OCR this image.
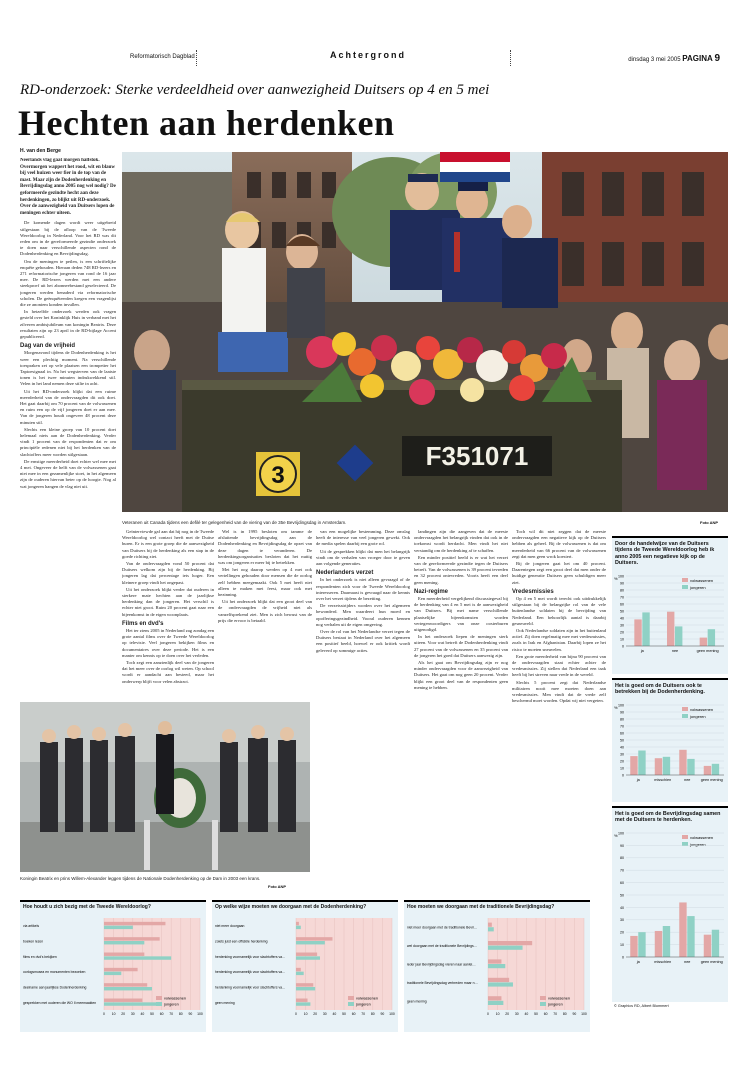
Reformatorisch Dagblad	Achtergrond	dinsdag 3 mei 2005 PAGINA 9
RD-onderzoek: Sterke verdeeldheid over aanwezigheid Duitsers op 4 en 5 mei
Hechten aan herdenken
H. van den Berge
Neerlands vlag gaat morgen halfstok. Overmorgen wappert het rood, wit en blauw bij veel huizen weer fier in de top van de mast. Maar zijn de Dodenherdenking en Bevrijdingsdag anno 2005 nog wel nodig? De geformeerde gezindte hecht aan deze herdenkingen, zo blijkt uit RD-onderzoek. Over de aanwezigheid van Duitsers lopen de meningen echter uiteen.

De komende dagen wordt weer uitgebreid stilgestaan bij de afloop van de Tweede Wereldoorlog in Nederland. Voor het RD was dit reden om in de gereformeerde gezindte onderzoek te doen naar verschillende aspecten rond de Dodenherdenking en Bevrijdingsdag.

Om de meningen te peilen, is een schriftelijke enquête gehouden. Hieraan deden 748 RD-lezers en 271 reformatorische jongeren van rond de 16 jaar mee. De RD-lezers werden met een andere steekproef uit het abonneebestand geselecteerd. De jongeren werden benaderd via reformatorische scholen. De geënquêteerden kregen een vragenlijst die ze anoniem konden invullen.

In hetzelfde onderzoek werden ook vragen gesteld over het Koninklijk Huis in verband met het zilveren ambtsjubileum van koningin Beatrix. Deze resultaten zijn op 23 april in de RD-bijlage Accent gepubliceerd.

Dag van de vrijheid

Morgenavond tijdens de Dodenherdenking is het weer een plechtig moment. Na verschillende toespraken zet op vele plaatsen een trompetter het Taptoesignaal in. Na het wegsterven van de laatste tonen is het twee minuten indrukwekkend stil. Velen in het land nemen deze stilte in acht.

Uit het RD-onderzoek blijkt dat een ruime meerderheid van de ondervraagden dit ook doet. Het gaat daarbij om 70 procent van de volwassenen en ruim een op de vijf jongeren doet er aan mee. Van de jongeren houdt ongeveer 48 procent deze minuten stil.

Slechts een kleine groep van 10 procent doet helemaal niets aan de Dodenherdenking. Verder vindt 1 procent van de respondenten dat er om principiële redenen niet bij het herdenken van de slachtoffers meer worden stilgestaan.

De ernstige meerderheid doet echter wel mee met 4 mei. Ongeveer de helft van de volwassenen gaat niet mee in een gezamenlijke stoet, in het algemeen zijn de ouderen hiervan beter op de hoogte. Nog al wat jongeren hangen de vlag niet uit.

F351071
3
Veteranen uit Canada tijdens een defilé ter gelegenheid van de viering van de 35e Bevrijdingsdag in Amsterdam.	Foto ANP

Geïnterviewde gaf aan dat hij nog in de Tweede Wereldoorlog wel contact heeft met de Duitse buren. Er is een grote groep die de aanwezigheid van Duitsers bij de herdenking als een stap in de goede richting ziet.

Van de ondervraagden vond 50 procent dat Duitsers welkom zijn bij de herdenking. Bij jongeren lag dat percentage iets hoger. Een kleinere groep vindt het ongepast.

Uit het onderzoek blijkt verder dat ouderen in sterkere mate hechten aan de jaarlijkse herdenking dan de jongeren. Het verschil is echter niet groot. Ruim 20 procent gaat naar een bijeenkomst in de eigen woonplaats.

Films en dvd's

Het ter ziens 2005 in Nederland zag zondag een grote aantal films over de Tweede Wereldoorlog op televisie. Veel jongeren bekijken films en documentaires over deze periode. Het is een manier om kennis op te doen over het verleden.

Toch zegt een aanzienlijk deel van de jongeren dat het meer over de oorlog wil weten. Op school wordt er aandacht aan besteed, maar het onderwerp blijft voor velen abstract.

Wel is in 1995 besloten om tamme de afsluitende bevrijdingsdag aan de Dodenherdenking en Bevrijdingsdag de opzet van deze dagen te veranderen. De herdenkingsorganisaties besloten dat het nuttig was om jongeren er meer bij te betrekken.

Met het oog daarop werden op 4 mei ook vertellingen gehouden door mensen die de oorlog zelf hebben meegemaakt. Ook 5 mei heeft niet alleen te maken met feest, maar ook met bezinning.

Uit het onderzoek blijkt dat een groot deel van de ondervraagden de vrijheid niet als vanzelfsprekend ziet. Men is zich bewust van de prijs die ervoor is betaald.

van een mogelijke bestemming. Deze omslag heeft de interesse van veel jongeren gewekt. Ook de media spelen daarbij een grote rol.

Uit de gesprekken blijkt dat men het belangrijk vindt om de verhalen van vroeger door te geven aan volgende generaties.

Nederlanders verzet

In het onderzoek is niet alleen gevraagd of de respondenten zich voor de Tweede Wereldoorlog interesseren. Daarnaast is gevraagd naar de kennis over het verzet tijdens de bezetting.

De verzetsstrijders worden over het algemeen bewonderd. Men waardeert hun moed en opofferingsgezindheid. Vooral ouderen kennen nog verhalen uit de eigen omgeving.

Over de rol van het Nederlandse verzet tegen de Duitsers bestaat in Nederland over het algemeen een positief beeld, hoewel er ook kritiek wordt geleverd op sommige acties.

landingen zijn die aangeven dat de meeste ondervraagden het belangrijk vinden dat ook in de toekomst wordt herdacht. Men vindt het niet verstandig om de herdenking af te schaffen.

Een minder positief beeld is er wat het verzet van de gereformeerde gezindte tegen de Duitsers betreft. Van de volwassenen is 39 procent tevreden en 32 procent ontevreden. Voorts heeft een deel geen mening.

Nazi-regime

Een meerderheid vergelijkend discussiegeval bij de herdenking van 4 en 5 mei is de aanwezigheid van Duitsers. Bij met name verschillende plaatselijke bijeenkomsten worden vertegenwoordigers van onze oosterburen uitgenodigd.

In het onderzoek liepen de meningen sterk uiteen. Voor wat betreft de Dodenherdenking vindt 27 procent van de volwassenen en 35 procent van de jongeren het goed dat Duitsers aanwezig zijn.

Als het gaat om Bevrijdingsdag zijn er nog minder ondervraagden voor de aanwezigheid van Duitsers. Het gaat om nog geen 20 procent. Verder blijkt een groot deel van de respondenten geen mening te hebben.

Toch wil dit niet zeggen dat de meeste ondervraagden een negatieve kijk op de Duitsers hebben als geheel. Bij de volwassenen is dat om meerderheid van 66 procent van de volwassenen zegt dat men geen wrok koestert.

Bij de jongeren gaat het om 40 procent. Daarentegen zegt een groot deel dat men onder de huidige generatie Duitsers geen schuldigen meer ziet.

Vredesmissies

Op 4 en 5 mei wordt terecht ook uitdrukkelijk stilgestaan bij de belangrijke rol van de vele buitenlandse soldaten bij de bevrijding van Nederland. Een behoorlijk aantal is daarbij gesneuveld.

Ook Nederlandse soldaten zijn in het buitenland actief. Zij doen regelmatig mee met vredesmissies, zoals in Irak en Afghanistan. Daarbij lopen ze het risico te moeten sneuvelen.

Een grote meerderheid van bijna 90 procent van de ondervraagden staat echter achter de vredesmissies. Zij stellen dat Nederland een taak heeft bij het streven naar vrede in de wereld.

Slechts 5 procent zegt dat Nederlandse militairen nooit mee moeten doen aan vredesmissies. Men vindt dat de vrede zelf beschermd moet worden. Opdat wij niet vergeten.

Koningin Beatrix en prins Willem-Alexander leggen tijdens de Nationale Dodenherdenking op de Dam in 2003 een krans.
Foto ANP
Door de handelwijze van de Duitsers tijdens de Tweede Wereldoorlog heb ik anno 2005 een negatieve kijk op de Duitsers.
volwassenen
jongeren
0
10
20
30
40
50
60
70
80
90
100
%
ja	nee	geen mening
Het is goed om de Duitsers ook te betrekken bij de Dodenherdenking.
volwassenen
jongeren
0
10
20
30
40
50
60
70
80
90
100
%
ja	misschien	nee	geen mening
Het is goed om de Bevrijdingsdag samen met de Duitsers te herdenken.
volwassenen
jongeren
0
10
20
30
40
50
60
70
80
90
100
%
ja	misschien	nee	geen mening
© Graphics RD, Albert Blommert
Hoe houdt u zich bezig met de Tweede Wereldoorlog?
0 10 20 30 40 50 60 70 80 90 100
via artikels
boeken lezen
films en dvd's bekijken
oorlogsmusea en monumenten bezoeken
deelname aan jaarlijkse Dodenherdenking
gesprekken met ouderen die WO II meemaakten
volwassenen
jongeren
Op welke wijze moeten we doorgaan met de Dodenherdenking?
0 10 20 30 40 50 60 70 80 90 100
niet meer doorgaan
zoiets juist een officiële herdenking
herdenking voornamelijk voor slachtoffers va…
herdenking voornamelijk voor slachtoffers va…
herdenking voornamelijk voor slachtoffers va…
geen mening
volwassenen
jongeren
Hoe moeten we doorgaan met de traditionele Bevrijdingsdag?
0 10 20 30 40 50 60 70 80 90 100
niet meer doorgaan met de traditionele Bevri…
wel doorgaan met de traditionele Bevrijdings…
ieder jaar Bevrijdingsdag vieren naar aanlei…
traditionele Bevrijdingsdag verbreden maar n…
geen mening
volwassenen
jongeren
